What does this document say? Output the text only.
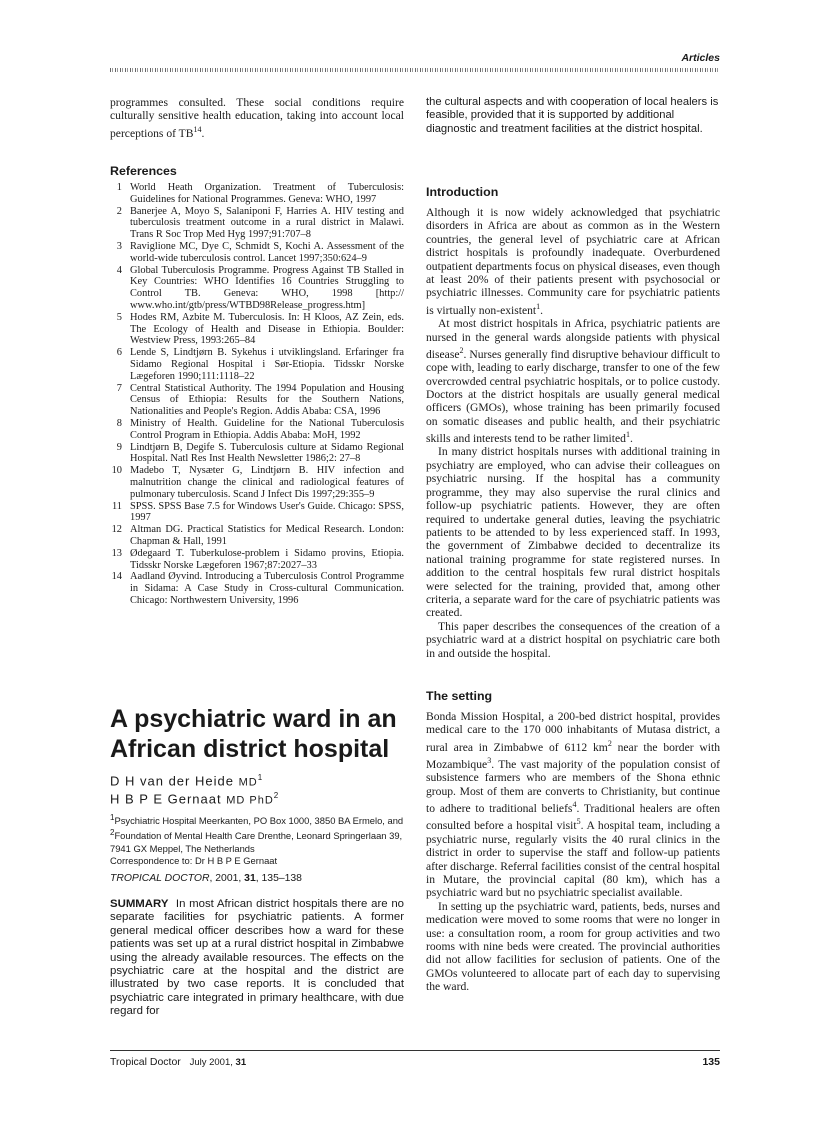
Articles

programmes consulted. These social conditions require culturally sensitive health education, taking into account local perceptions of TB$^{14}$.

References
1 World Heath Organization. Treatment of Tuberculosis: Guidelines for National Programmes. Geneva: WHO, 1997
2 Banerjee A, Moyo S, Salaniponi F, Harries A. HIV testing and tuberculosis treatment outcome in a rural district in Malawi. Trans R Soc Trop Med Hyg 1997;91:707–8
3 Raviglione MC, Dye C, Schmidt S, Kochi A. Assessment of the world-wide tuberculosis control. Lancet 1997;350:624–9
4 Global Tuberculosis Programme. Progress Against TB Stalled in Key Countries: WHO Identifies 16 Countries Struggling to Control TB. Geneva: WHO, 1998 [http:// www.who.int/gtb/press/WTBD98Release_progress.htm]
5 Hodes RM, Azbite M. Tuberculosis. In: H Kloos, AZ Zein, eds. The Ecology of Health and Disease in Ethiopia. Boulder: Westview Press, 1993:265–84
6 Lende S, Lindtjørn B. Sykehus i utviklingsland. Erfaringer fra Sidamo Regional Hospital i Sør-Etiopia. Tidsskr Norske Lægeforen 1990;111:1118–22
7 Central Statistical Authority. The 1994 Population and Housing Census of Ethiopia: Results for the Southern Nations, Nationalities and People's Region. Addis Ababa: CSA, 1996
8 Ministry of Health. Guideline for the National Tuberculosis Control Program in Ethiopia. Addis Ababa: MoH, 1992
9 Lindtjørn B, Degife S. Tuberculosis culture at Sidamo Regional Hospital. Natl Res Inst Health Newsletter 1986;2: 27–8
10 Madebo T, Nysæter G, Lindtjørn B. HIV infection and malnutrition change the clinical and radiological features of pulmonary tuberculosis. Scand J Infect Dis 1997;29:355–9
11 SPSS. SPSS Base 7.5 for Windows User's Guide. Chicago: SPSS, 1997
12 Altman DG. Practical Statistics for Medical Research. London: Chapman & Hall, 1991
13 Ødegaard T. Tuberkulose-problem i Sidamo provins, Etiopia. Tidsskr Norske Lægeforen 1967;87:2027–33
14 Aadland Øyvind. Introducing a Tuberculosis Control Programme in Sidama: A Case Study in Cross-cultural Communication. Chicago: Northwestern University, 1996
A psychiatric ward in an African district hospital
D H van der Heide $MD^1$
H B P E Gernaat MD PhD$^2$
$^1$Psychiatric Hospital Meerkanten, PO Box 1000, 3850 BA Ermelo, and
$^2$Foundation of Mental Health Care Drenthe, Leonard Springerlaan 39, 7941 GX Meppel, The Netherlands
Correspondence to: Dr H B P E Gernaat
TROPICAL DOCTOR, 2001, 31, 135–138
SUMMARY In most African district hospitals there are no separate facilities for psychiatric patients. A former general medical officer describes how a ward for these patients was set up at a rural district hospital in Zimbabwe using the already available resources. The effects on the psychiatric care at the hospital and the district are illustrated by two case reports. It is concluded that psychiatric care integrated in primary healthcare, with due regard for
the cultural aspects and with cooperation of local healers is feasible, provided that it is supported by additional diagnostic and treatment facilities at the district hospital.
Introduction

Although it is now widely acknowledged that psychiatric disorders in Africa are about as common as in the Western countries, the general level of psychiatric care at African district hospitals is profoundly inadequate. Overburdened outpatient departments focus on physical diseases, even though at least 20% of their patients present with psychosocial or psychiatric illnesses. Community care for psychiatric patients is virtually non-existent$^1$.

At most district hospitals in Africa, psychiatric patients are nursed in the general wards alongside patients with physical disease$^2$. Nurses generally find disruptive behaviour difficult to cope with, leading to early discharge, transfer to one of the few overcrowded central psychiatric hospitals, or to police custody. Doctors at the district hospitals are usually general medical officers (GMOs), whose training has been primarily focused on somatic diseases and public health, and their psychiatric skills and interests tend to be rather limited$^1$.

In many district hospitals nurses with additional training in psychiatry are employed, who can advise their colleagues on psychiatric nursing. If the hospital has a community programme, they may also supervise the rural clinics and follow-up psychiatric patients. However, they are often required to undertake general duties, leaving the psychiatric patients to be attended to by less experienced staff. In 1993, the government of Zimbabwe decided to decentralize its national training programme for state registered nurses. In addition to the central hospitals few rural district hospitals were selected for the training, provided that, among other criteria, a separate ward for the care of psychiatric patients was created.

This paper describes the consequences of the creation of a psychiatric ward at a district hospital on psychiatric care both in and outside the hospital.

The setting

Bonda Mission Hospital, a 200-bed district hospital, provides medical care to the 170 000 inhabitants of Mutasa district, a rural area in Zimbabwe of 6112 $km^2$ near the border with Mozambique$^3$. The vast majority of the population consist of subsistence farmers who are members of the Shona ethnic group. Most of them are converts to Christianity, but continue to adhere to traditional beliefs$^4$. Traditional healers are often consulted before a hospital visit$^5$. A hospital team, including a psychiatric nurse, regularly visits the 40 rural clinics in the district in order to supervise the staff and follow-up patients after discharge. Referral facilities consist of the central hospital in Mutare, the provincial capital (80 km), which has a psychiatric ward but no psychiatric specialist available.

In setting up the psychiatric ward, patients, beds, nurses and medication were moved to some rooms that were no longer in use: a consultation room, a room for group activities and two rooms with nine beds were created. The provincial authorities did not allow facilities for seclusion of patients. One of the GMOs volunteered to allocate part of each day to supervising the ward.

Tropical Doctor July 2001, 31	135
